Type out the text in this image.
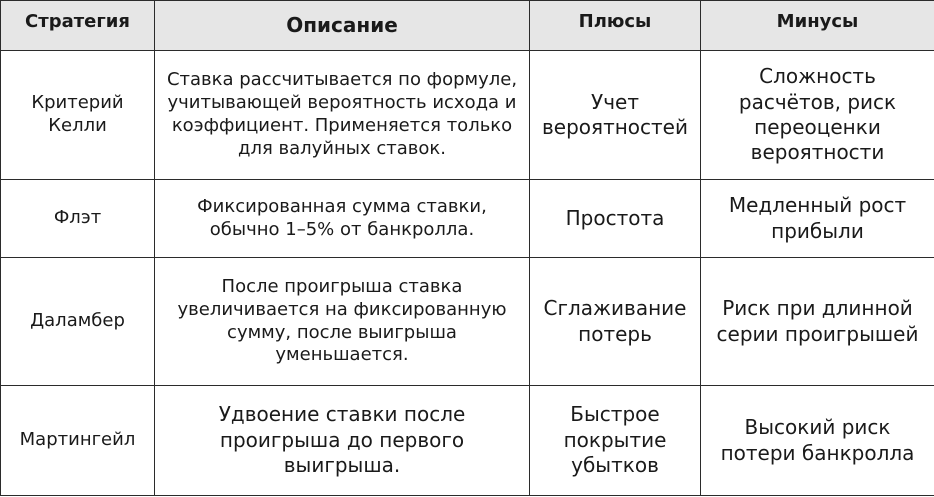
Стратегия	Описание	Плюсы	Минусы
Критерий Келли	Ставка рассчитывается по формуле, учитывающей вероятность исхода и коэффициент. Применяется только для валуйных ставок.	Учет вероятностей	Сложность расчётов, риск переоценки вероятности
Флэт	Фиксированная сумма ставки, обычно 1–5% от банкролла.	Простота	Медленный рост прибыли
Даламбер	После проигрыша ставка увеличивается на фиксированную сумму, после выигрыша уменьшается.	Сглаживание потерь	Риск при длинной серии проигрышей
Мартингейл	Удвоение ставки после проигрыша до первого выигрыша.	Быстрое покрытие убытков	Высокий риск потери банкролла
